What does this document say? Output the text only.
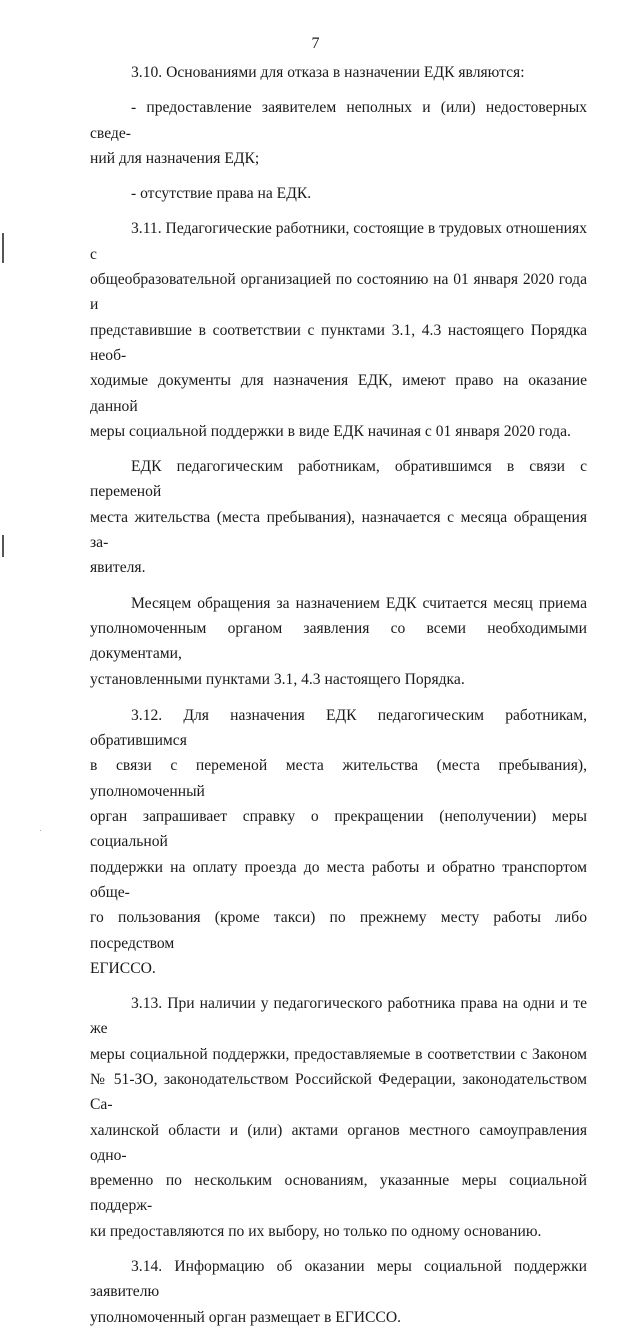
7

3.10. Основаниями для отказа в назначении ЕДК являются:

- предоставление заявителем неполных и (или) недостоверных сведе-
ний для назначения ЕДК;

- отсутствие права на ЕДК.

3.11. Педагогические работники, состоящие в трудовых отношениях с
общеобразовательной организацией по состоянию на 01 января 2020 года и
представившие в соответствии с пунктами 3.1, 4.3 настоящего Порядка необ-
ходимые документы для назначения ЕДК, имеют право на оказание данной
меры социальной поддержки в виде ЕДК начиная с 01 января 2020 года.

ЕДК педагогическим работникам, обратившимся в связи с переменой
места жительства (места пребывания), назначается с месяца обращения за-
явителя.

Месяцем обращения за назначением ЕДК считается месяц приема
уполномоченным органом заявления со всеми необходимыми документами,
установленными пунктами 3.1, 4.3 настоящего Порядка.

3.12. Для назначения ЕДК педагогическим работникам, обратившимся
в связи с переменой места жительства (места пребывания), уполномоченный
орган запрашивает справку о прекращении (неполучении) меры социальной
поддержки на оплату проезда до места работы и обратно транспортом обще-
го пользования (кроме такси) по прежнему месту работы либо посредством
ЕГИССО.

3.13. При наличии у педагогического работника права на одни и те же
меры социальной поддержки, предоставляемые в соответствии с Законом
№ 51-ЗО, законодательством Российской Федерации, законодательством Са-
халинской области и (или) актами органов местного самоуправления одно-
временно по нескольким основаниям, указанные меры социальной поддерж-
ки предоставляются по их выбору, но только по одному основанию.

3.14. Информацию об оказании меры социальной поддержки заявителю
уполномоченный орган размещает в ЕГИССО.
